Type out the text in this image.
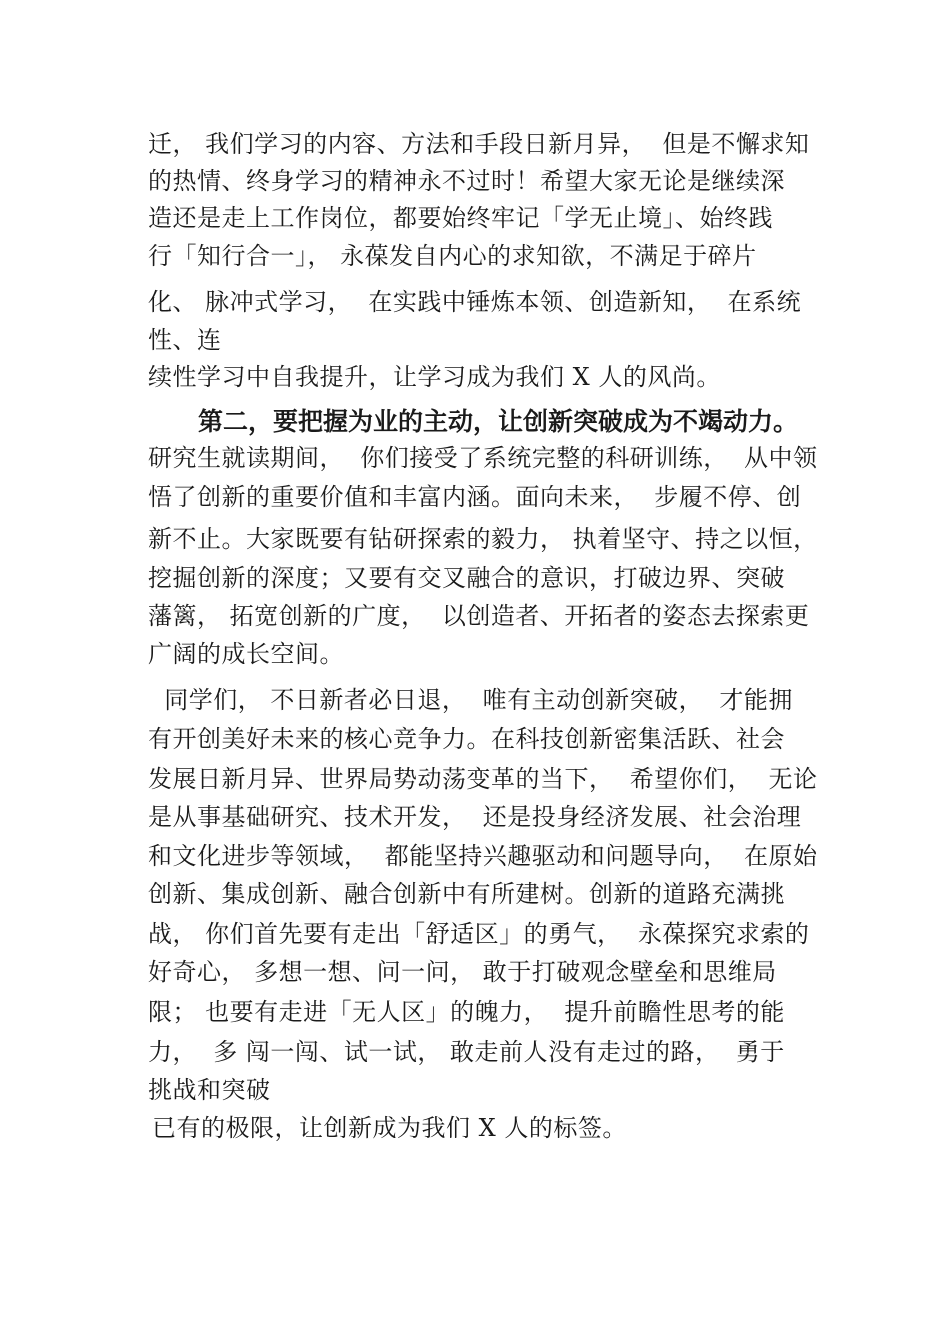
迁， 我们学习的内容、方法和手段日新月异，  但是不懈求知
的热情、终身学习的精神永不过时！希望大家无论是继续深
造还是走上工作岗位，都要始终牢记「学无止境」、始终践
行「知行合一」， 永葆发自内心的求知欲，不满足于碎片
化、 脉冲式学习，  在实践中锤炼本领、创造新知，  在系统
性、连
续性学习中自我提升，让学习成为我们 X 人的风尚。
第二，要把握为业的主动，让创新突破成为不竭动力。
研究生就读期间，  你们接受了系统完整的科研训练，  从中领
悟了创新的重要价值和丰富内涵。面向未来，  步履不停、创
新不止。大家既要有钻研探索的毅力， 执着坚守、持之以恒，
挖掘创新的深度；又要有交叉融合的意识，打破边界、突破
藩篱， 拓宽创新的广度，  以创造者、开拓者的姿态去探索更
广阔的成长空间。
同学们， 不日新者必日退，  唯有主动创新突破，  才能拥
有开创美好未来的核心竞争力。在科技创新密集活跃、社会
发展日新月异、世界局势动荡变革的当下，  希望你们，  无论
是从事基础研究、技术开发，  还是投身经济发展、社会治理
和文化进步等领域，  都能坚持兴趣驱动和问题导向，  在原始
创新、集成创新、融合创新中有所建树。创新的道路充满挑
战， 你们首先要有走出「舒适区」的勇气，  永葆探究求索的
好奇心， 多想一想、问一问， 敢于打破观念壁垒和思维局
限； 也要有走进「无人区」的魄力，  提升前瞻性思考的能
力，  多 闯一闯、试一试， 敢走前人没有走过的路，  勇于
挑战和突破
已有的极限，让创新成为我们 X 人的标签。
